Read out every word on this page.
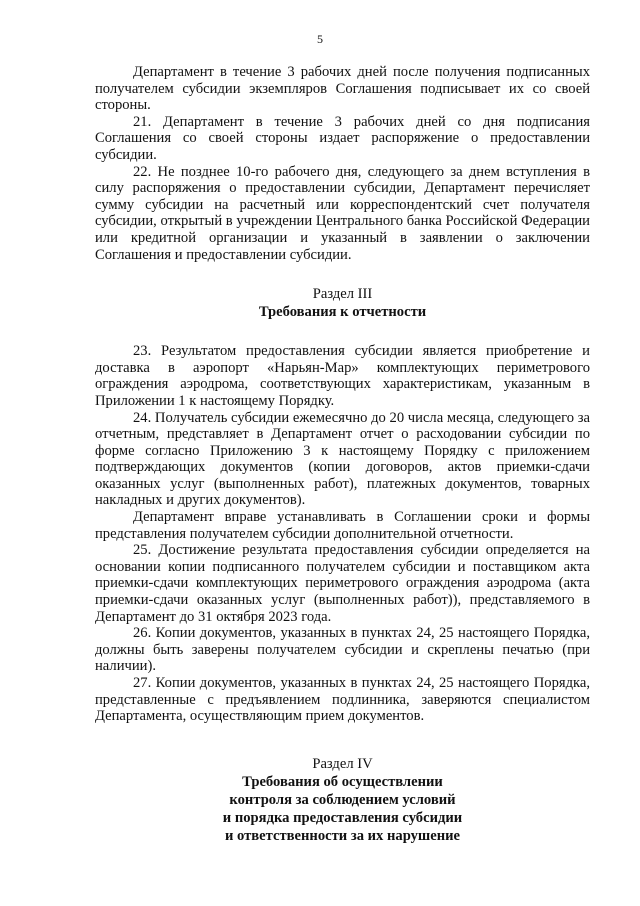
5

Департамент в течение 3 рабочих дней после получения подписанных получателем субсидии экземпляров Соглашения подписывает их со своей стороны.

21. Департамент в течение 3 рабочих дней со дня подписания Соглашения со своей стороны издает распоряжение о предоставлении субсидии.

22. Не позднее 10-го рабочего дня, следующего за днем вступления в силу распоряжения о предоставлении субсидии, Департамент перечисляет сумму субсидии на расчетный или корреспондентский счет получателя субсидии, открытый в учреждении Центрального банка Российской Федерации или кредитной организации и указанный в заявлении о заключении Соглашения и предоставлении субсидии.

Раздел III
Требования к отчетности

23. Результатом предоставления субсидии является приобретение и доставка в аэропорт «Нарьян-Мар» комплектующих периметрового ограждения аэродрома, соответствующих характеристикам, указанным в Приложении 1 к настоящему Порядку.

24. Получатель субсидии ежемесячно до 20 числа месяца, следующего за отчетным, представляет в Департамент отчет о расходовании субсидии по форме согласно Приложению 3 к настоящему Порядку с приложением подтверждающих документов (копии договоров, актов приемки-сдачи оказанных услуг (выполненных работ), платежных документов, товарных накладных и других документов).

Департамент вправе устанавливать в Соглашении сроки и формы представления получателем субсидии дополнительной отчетности.

25. Достижение результата предоставления субсидии определяется на основании копии подписанного получателем субсидии и поставщиком акта приемки-сдачи комплектующих периметрового ограждения аэродрома (акта приемки-сдачи оказанных услуг (выполненных работ)), представляемого в Департамент до 31 октября 2023 года.

26. Копии документов, указанных в пунктах 24, 25 настоящего Порядка, должны быть заверены получателем субсидии и скреплены печатью (при наличии).

27. Копии документов, указанных в пунктах 24, 25 настоящего Порядка, представленные с предъявлением подлинника, заверяются специалистом Департамента, осуществляющим прием документов.

Раздел IV
Требования об осуществлении
контроля за соблюдением условий
и порядка предоставления субсидии
и ответственности за их нарушение
